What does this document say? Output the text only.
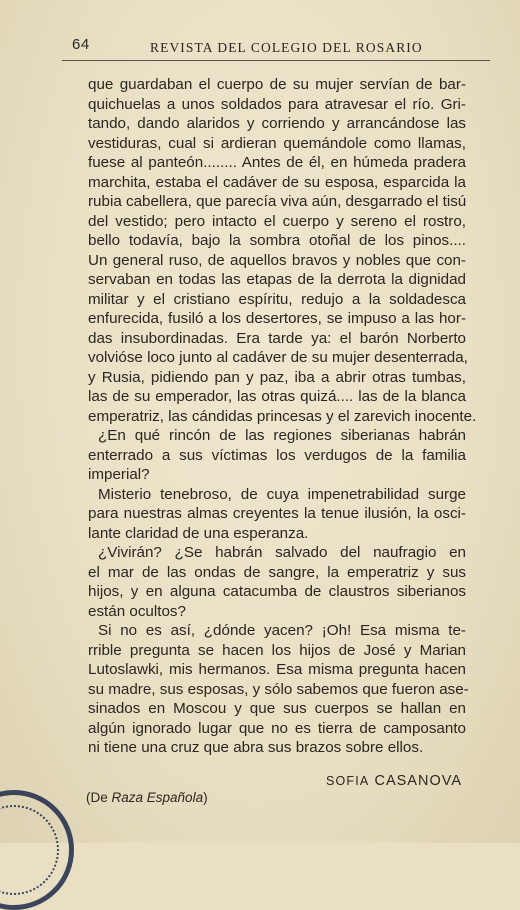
64	REVISTA DEL COLEGIO DEL ROSARIO

que guardaban el cuerpo de su mujer servían de bar-
quichuelas a unos soldados para atravesar el río. Gri-
tando, dando alaridos y corriendo y arrancándose las
vestiduras, cual si ardieran quemándole como llamas,
fuese al panteón........ Antes de él, en húmeda pradera
marchita, estaba el cadáver de su esposa, esparcida la
rubia cabellera, que parecía viva aún, desgarrado el tisú
del vestido; pero intacto el cuerpo y sereno el rostro,
bello todavía, bajo la sombra otoñal de los pinos....
Un general ruso, de aquellos bravos y nobles que con-
servaban en todas las etapas de la derrota la dignidad
militar y el cristiano espíritu, redujo a la soldadesca
enfurecida, fusiló a los desertores, se impuso a las hor-
das insubordinadas. Era tarde ya: el barón Norberto
volvióse loco junto al cadáver de su mujer desenterrada,
y Rusia, pidiendo pan y paz, iba a abrir otras tumbas,
las de su emperador, las otras quizá.... las de la blanca
emperatriz, las cándidas princesas y el zarevich inocente.

¿En qué rincón de las regiones siberianas habrán
enterrado a sus víctimas los verdugos de la familia
imperial?

Misterio tenebroso, de cuya impenetrabilidad surge
para nuestras almas creyentes la tenue ilusión, la osci-
lante claridad de una esperanza.

¿Vivirán? ¿Se habrán salvado del naufragio en
el mar de las ondas de sangre, la emperatriz y sus
hijos, y en alguna catacumba de claustros siberianos
están ocultos?

Si no es así, ¿dónde yacen? ¡Oh! Esa misma te-
rrible pregunta se hacen los hijos de José y Marian
Lutoslawki, mis hermanos. Esa misma pregunta hacen
su madre, sus esposas, y sólo sabemos que fueron ase-
sinados en Moscou y que sus cuerpos se hallan en
algún ignorado lugar que no es tierra de camposanto
ni tiene una cruz que abra sus brazos sobre ellos.

SOFIA CASANOVA
(De Raza Española)
